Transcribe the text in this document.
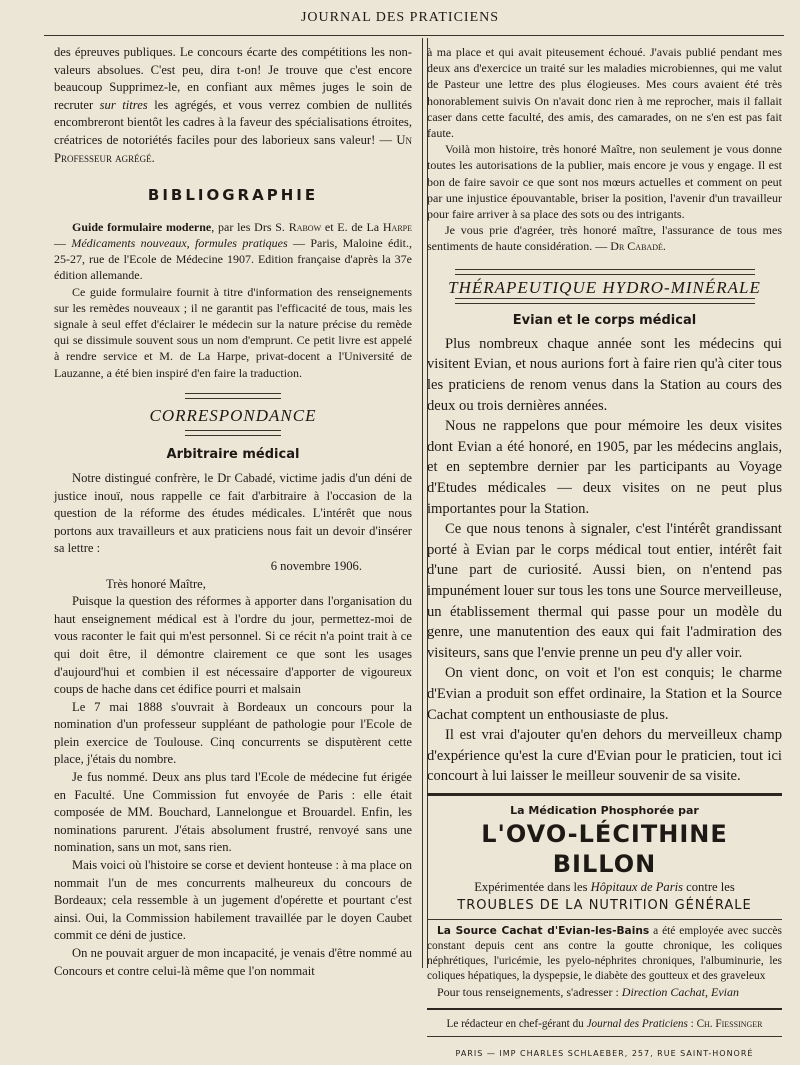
JOURNAL DES PRATICIENS

des épreuves publiques. Le concours écarte des compétitions les non-valeurs absolues. C'est peu, dira t-on! Je trouve que c'est encore beaucoup Supprimez-le, en confiant aux mêmes juges le soin de recruter sur titres les agrégés, et vous verrez combien de nullités encombreront bientôt les cadres à la faveur des spécialisations étroites, créatrices de notoriétés faciles pour des laborieux sans valeur! — Un Professeur agrégé.

BIBLIOGRAPHIE

Guide formulaire moderne, par les Drs S. Rabow et E. de La Harpe — Médicaments nouveaux, formules pratiques — Paris, Maloine édit., 25-27, rue de l'Ecole de Médecine 1907. Edition française d'après la 37e édition allemande.

Ce guide formulaire fournit à titre d'information des renseignements sur les remèdes nouveaux ; il ne garantit pas l'efficacité de tous, mais les signale à seul effet d'éclairer le médecin sur la nature précise du remède qui se dissimule souvent sous un nom d'emprunt. Ce petit livre est appelé à rendre service et M. de La Harpe, privat-docent a l'Université de Lauzanne, a été bien inspiré d'en faire la traduction.

CORRESPONDANCE
Arbitraire médical

Notre distingué confrère, le Dr Cabadé, victime jadis d'un déni de justice inouï, nous rappelle ce fait d'arbitraire à l'occasion de la question de la réforme des études médicales. L'intérêt que nous portons aux travailleurs et aux praticiens nous fait un devoir d'insérer sa lettre :

6 novembre 1906.

Très honoré Maître,

Puisque la question des réformes à apporter dans l'organisation du haut enseignement médical est à l'ordre du jour, permettez-moi de vous raconter le fait qui m'est personnel. Si ce récit n'a point trait à ce qui doit être, il démontre clairement ce que sont les usages d'aujourd'hui et combien il est nécessaire d'apporter de vigoureux coups de hache dans cet édifice pourri et malsain

Le 7 mai 1888 s'ouvrait à Bordeaux un concours pour la nomination d'un professeur suppléant de pathologie pour l'Ecole de plein exercice de Toulouse. Cinq concurrents se disputèrent cette place, j'étais du nombre.

Je fus nommé. Deux ans plus tard l'Ecole de médecine fut érigée en Faculté. Une Commission fut envoyée de Paris : elle était composée de MM. Bouchard, Lannelongue et Brouardel. Enfin, les nominations parurent. J'étais absolument frustré, renvoyé sans une nomination, sans un mot, sans rien.

Mais voici où l'histoire se corse et devient honteuse : à ma place on nommait l'un de mes concurrents malheureux du concours de Bordeaux; cela ressemble à un jugement d'opérette et pourtant c'est ainsi. Oui, la Commission habilement travaillée par le doyen Caubet commit ce déni de justice.

On ne pouvait arguer de mon incapacité, je venais d'être nommé au Concours et contre celui-là même que l'on nommait

à ma place et qui avait piteusement échoué. J'avais publié pendant mes deux ans d'exercice un traité sur les maladies microbiennes, qui me valut de Pasteur une lettre des plus élogieuses. Mes cours avaient été très honorablement suivis On n'avait donc rien à me reprocher, mais il fallait caser dans cette faculté, des amis, des camarades, on ne s'en est pas fait faute.

Voilà mon histoire, très honoré Maître, non seulement je vous donne toutes les autorisations de la publier, mais encore je vous y engage. Il est bon de faire savoir ce que sont nos mœurs actuelles et comment on peut par une injustice épouvantable, briser la position, l'avenir d'un travailleur pour faire arriver à sa place des sots ou des intrigants.

Je vous prie d'agréer, très honoré maître, l'assurance de tous mes sentiments de haute considération. — Dr Cabadé.

THÉRAPEUTIQUE HYDRO-MINÉRALE
Evian et le corps médical

Plus nombreux chaque année sont les médecins qui visitent Evian, et nous aurions fort à faire rien qu'à citer tous les praticiens de renom venus dans la Station au cours des deux ou trois dernières années.

Nous ne rappelons que pour mémoire les deux visites dont Evian a été honoré, en 1905, par les médecins anglais, et en septembre dernier par les participants au Voyage d'Etudes médicales — deux visites on ne peut plus importantes pour la Station.

Ce que nous tenons à signaler, c'est l'intérêt grandissant porté à Evian par le corps médical tout entier, intérêt fait d'une part de curiosité. Aussi bien, on n'entend pas impunément louer sur tous les tons une Source merveilleuse, un établissement thermal qui passe pour un modèle du genre, une manutention des eaux qui fait l'admiration des visiteurs, sans que l'envie prenne un peu d'y aller voir.

On vient donc, on voit et l'on est conquis; le charme d'Evian a produit son effet ordinaire, la Station et la Source Cachat comptent un enthousiaste de plus.

Il est vrai d'ajouter qu'en dehors du merveilleux champ d'expérience qu'est la cure d'Evian pour le praticien, tout ici concourt à lui laisser le meilleur souvenir de sa visite.

La Médication Phosphorée par
L'OVO-LÉCITHINE BILLON
Expérimentée dans les Hôpitaux de Paris contre les
TROUBLES DE LA NUTRITION GÉNÉRALE

La Source Cachat d'Evian-les-Bains a été employée avec succès constant depuis cent ans contre la goutte chronique, les coliques néphrétiques, l'uricémie, les pyelo-néphrites chroniques, l'albuminurie, les coliques hépatiques, la dyspepsie, le diabète des goutteux et des graveleux

Pour tous renseignements, s'adresser : Direction Cachat, Evian

Le rédacteur en chef-gérant du Journal des Praticiens : Ch. Fiessinger

PARIS — IMP CHARLES SCHLAEBER, 257, RUE SAINT-HONORÉ
